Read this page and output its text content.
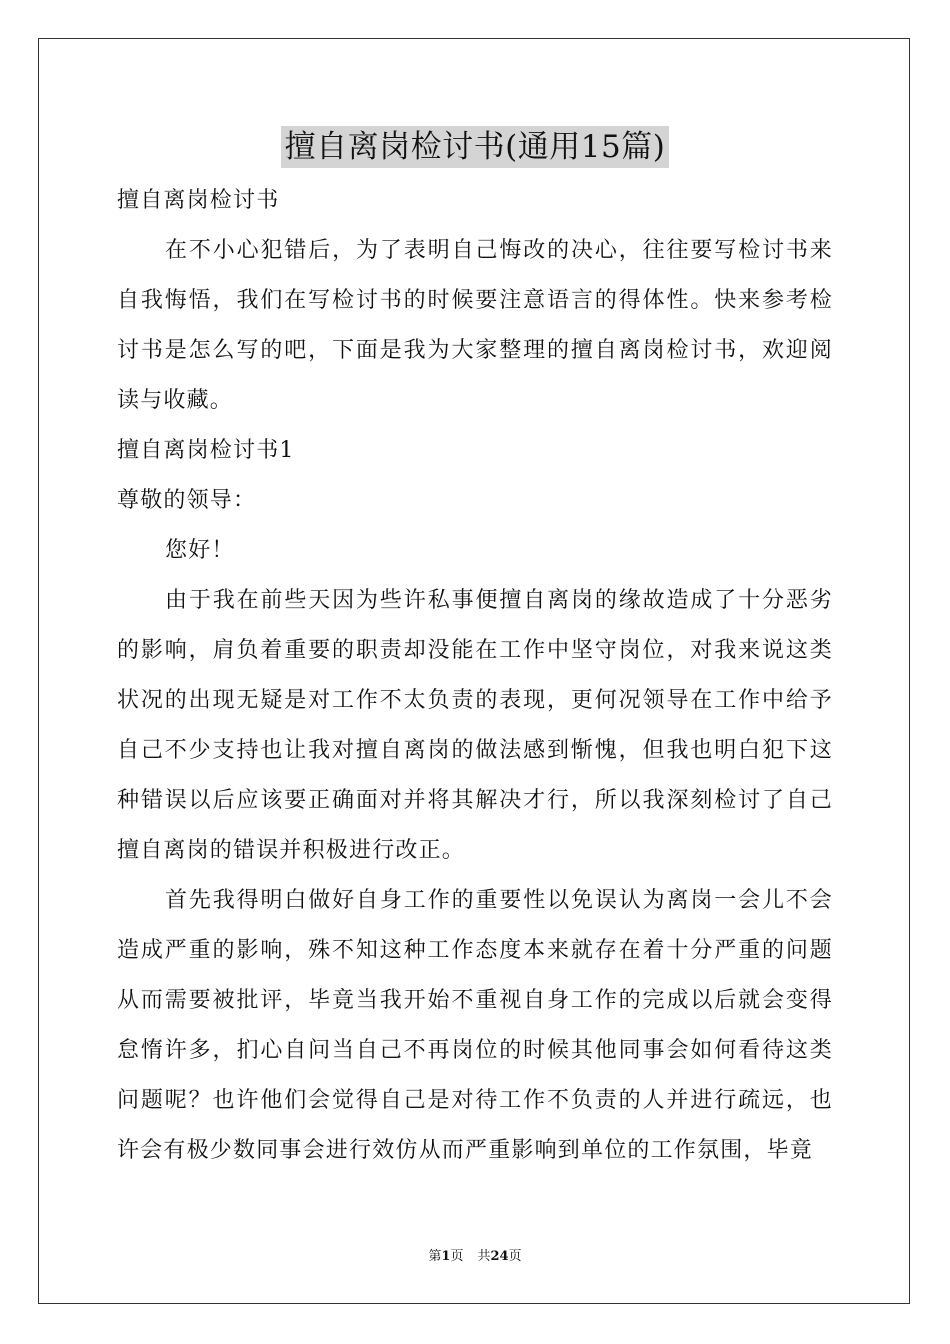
擅自离岗检讨书(通用15篇)

擅自离岗检讨书

在不小心犯错后，为了表明自己悔改的决心，往往要写检讨书来自我悔悟，我们在写检讨书的时候要注意语言的得体性。快来参考检讨书是怎么写的吧，下面是我为大家整理的擅自离岗检讨书，欢迎阅读与收藏。

擅自离岗检讨书1

尊敬的领导：

您好！

由于我在前些天因为些许私事便擅自离岗的缘故造成了十分恶劣的影响，肩负着重要的职责却没能在工作中坚守岗位，对我来说这类状况的出现无疑是对工作不太负责的表现，更何况领导在工作中给予自己不少支持也让我对擅自离岗的做法感到惭愧，但我也明白犯下这种错误以后应该要正确面对并将其解决才行，所以我深刻检讨了自己擅自离岗的错误并积极进行改正。

首先我得明白做好自身工作的重要性以免误认为离岗一会儿不会造成严重的影响，殊不知这种工作态度本来就存在着十分严重的问题从而需要被批评，毕竟当我开始不重视自身工作的完成以后就会变得怠惰许多，扪心自问当自己不再岗位的时候其他同事会如何看待这类问题呢？也许他们会觉得自己是对待工作不负责的人并进行疏远，也许会有极少数同事会进行效仿从而严重影响到单位的工作氛围，毕竟

第1页 共24页
